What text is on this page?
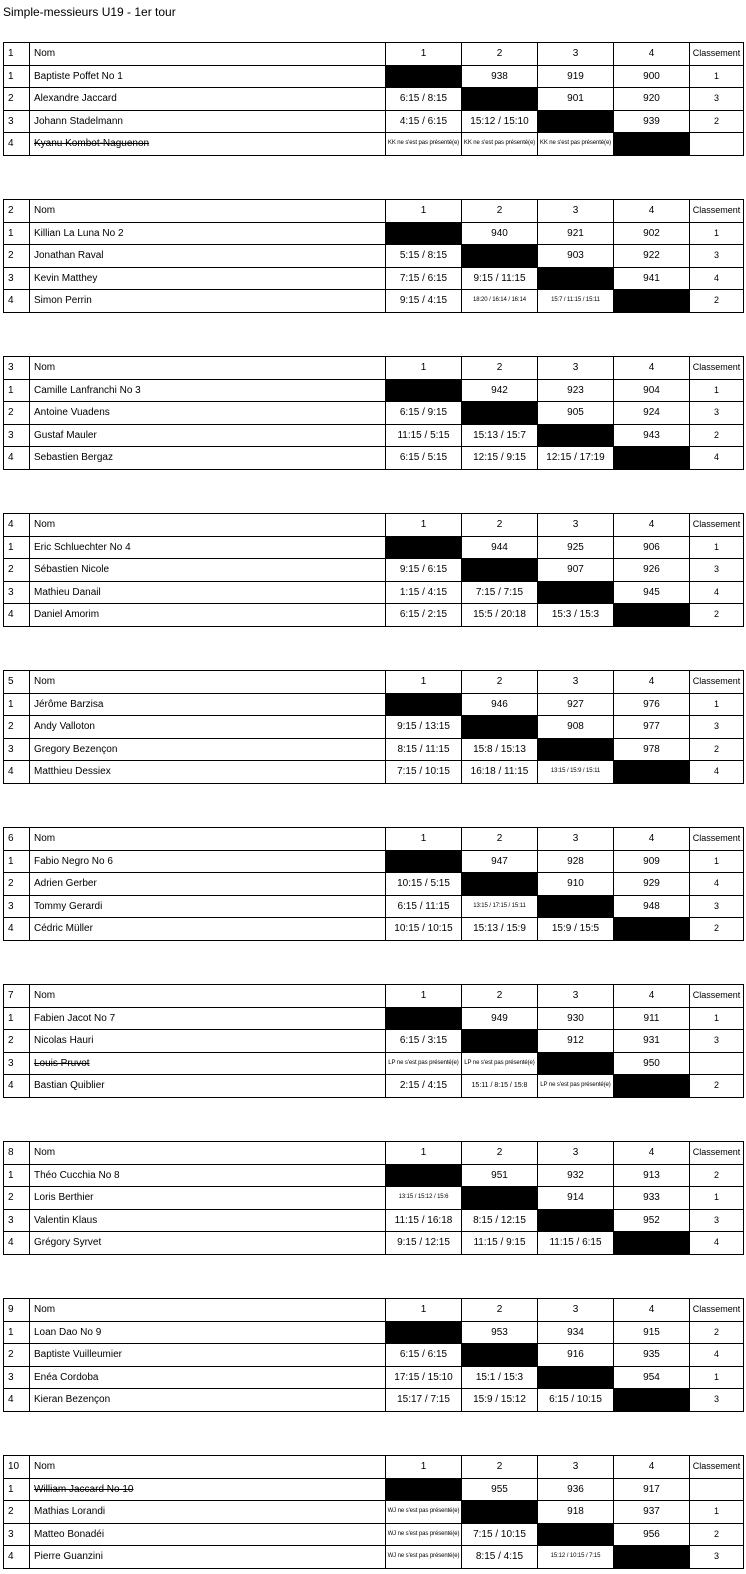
Simple-messieurs U19 - 1er tour
1	Nom	1	2	3	4	Classement
1	Baptiste Poffet No 1		938	919	900	1
2	Alexandre Jaccard	6:15 / 8:15		901	920	3
3	Johann Stadelmann	4:15 / 6:15	15:12 / 15:10		939	2
4	Kyanu Kombot-Naguenon	KK ne s'est pas présenté(e)	KK ne s'est pas présenté(e)	KK ne s'est pas présenté(e)		
2	Nom	1	2	3	4	Classement
1	Killian La Luna No 2		940	921	902	1
2	Jonathan Raval	5:15 / 8:15		903	922	3
3	Kevin Matthey	7:15 / 6:15	9:15 / 11:15		941	4
4	Simon Perrin	9:15 / 4:15	18:20 / 16:14 / 16:14	15:7 / 11:15 / 15:11		2
3	Nom	1	2	3	4	Classement
1	Camille Lanfranchi No 3		942	923	904	1
2	Antoine Vuadens	6:15 / 9:15		905	924	3
3	Gustaf Mauler	11:15 / 5:15	15:13 / 15:7		943	2
4	Sebastien Bergaz	6:15 / 5:15	12:15 / 9:15	12:15 / 17:19		4
4	Nom	1	2	3	4	Classement
1	Eric Schluechter No 4		944	925	906	1
2	Sébastien Nicole	9:15 / 6:15		907	926	3
3	Mathieu Danail	1:15 / 4:15	7:15 / 7:15		945	4
4	Daniel Amorim	6:15 / 2:15	15:5 / 20:18	15:3 / 15:3		2
5	Nom	1	2	3	4	Classement
1	Jérôme Barzisa		946	927	976	1
2	Andy Valloton	9:15 / 13:15		908	977	3
3	Gregory Bezençon	8:15 / 11:15	15:8 / 15:13		978	2
4	Matthieu Dessiex	7:15 / 10:15	16:18 / 11:15	13:15 / 15:9 / 15:11		4
6	Nom	1	2	3	4	Classement
1	Fabio Negro No 6		947	928	909	1
2	Adrien Gerber	10:15 / 5:15		910	929	4
3	Tommy Gerardi	6:15 / 11:15	13:15 / 17:15 / 15:11		948	3
4	Cédric Müller	10:15 / 10:15	15:13 / 15:9	15:9 / 15:5		2
7	Nom	1	2	3	4	Classement
1	Fabien Jacot No 7		949	930	911	1
2	Nicolas Hauri	6:15 / 3:15		912	931	3
3	Louis Pruvot	LP ne s'est pas présenté(e)	LP ne s'est pas présenté(e)		950	
4	Bastian Quiblier	2:15 / 4:15	15:11 / 8:15 / 15:8	LP ne s'est pas présenté(e)		2
8	Nom	1	2	3	4	Classement
1	Théo Cucchia No 8		951	932	913	2
2	Loris Berthier	13:15 / 15:12 / 15:6		914	933	1
3	Valentin Klaus	11:15 / 16:18	8:15 / 12:15		952	3
4	Grégory Syrvet	9:15 / 12:15	11:15 / 9:15	11:15 / 6:15		4
9	Nom	1	2	3	4	Classement
1	Loan Dao No 9		953	934	915	2
2	Baptiste Vuilleumier	6:15 / 6:15		916	935	4
3	Enéa Cordoba	17:15 / 15:10	15:1 / 15:3		954	1
4	Kieran Bezençon	15:17 / 7:15	15:9 / 15:12	6:15 / 10:15		3
10	Nom	1	2	3	4	Classement
1	William Jaccard No 10		955	936	917	
2	Mathias Lorandi	WJ ne s'est pas présenté(e)		918	937	1
3	Matteo Bonadéi	WJ ne s'est pas présenté(e)	7:15 / 10:15		956	2
4	Pierre Guanzini	WJ ne s'est pas présenté(e)	8:15 / 4:15	15:12 / 10:15 / 7:15		3
